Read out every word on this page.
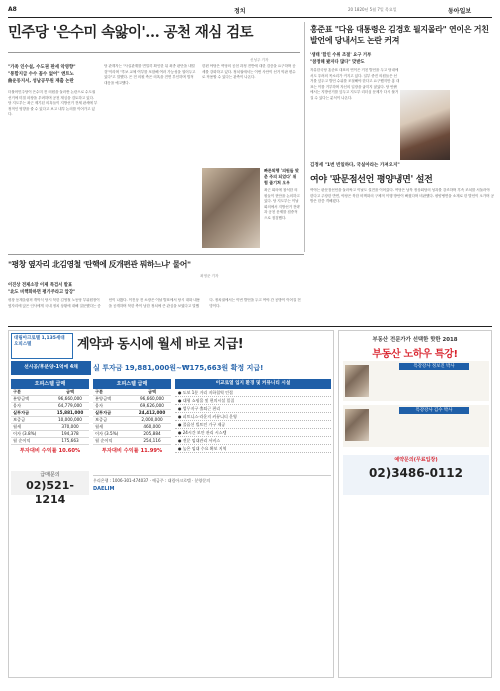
A8	정치	20 1820년 5월 7일 목요일	동아일보
민주당 '은수미 속앓이'… 공천 재심 검토
신성주 기자
"가족 인수설, 수도권 판세 악영향"
"통합지급 수수 꼼수 없어" 엔트노
曲운동지서, 성남공무원 재출 논란
더불어민주당이 은수미 전 의원을 둘러싼 논란으로 수도권 선거에 미칠 파장을 우려하며 공천 재심을 검토하고 있다. 당 지도부는 최근 제기된 의혹들이 지방선거 전체 판세에 부정적인 영향을 줄 수 있다고 보고 내부 논의를 이어가고 있다.
당 관계자는 "사실관계를 면밀히 확인한 뒤 최종 판단을 내릴 것"이라며 "후보 교체 여부를 포함해 여러 가능성을 열어두고 있다"고 말했다. 은 전 의원 측은 의혹을 전면 부인하며 법적 대응을 예고했다.
한편 야당은 여당의 공천 과정 전반에 대한 검증을 요구하며 공세를 강화하고 있다. 정치권에서는 이번 사안이 선거 막판 변수로 작용할 수 있다는 관측이 나온다.
빠른퇴행 '의원들 맞춘 주의 되었다' 위험 줄기쳐 오우
최근 회의에 참석한 의원들이 현안을 논의하고 있다. 당 지도부는 이날 회의에서 지방선거 전략과 공천 문제를 집중적으로 점검했다.
홍준표 "다음 대통령은 김경호 될지몰라" 연이은 거친 발언에 당내서도 논란 커져
'생태 '합인 수위 조절' 요구 거부
"참정해 봤자다 많다" 맞받도
자유한국당 홍준표 대표의 연이은 거친 발언을 두고 당내에서도 우려의 목소리가 커지고 있다. 일부 중진 의원들은 선거를 앞두고 발언 수위를 조절해야 한다고 요구했지만 홍 대표는 이를 거부하며 자신의 입장을 굽히지 않았다. 당 안팎에서는 지방선거를 앞두고 지도부 리더십 문제가 다시 불거질 수 있다는 분석이 나온다.
김정세 "1번 빈일하다, 국실아라는 가져오지"
여야 '판문점선언 평양냉면' 설전
여야는 판문점선언을 둘러싸고 이날도 설전을 이어갔다. 여당은 남북 정상회담의 성과를 강조하며 후속 조치를 서둘러야 한다고 주장한 반면, 야당은 북한 비핵화의 구체적 이행 방안이 빠졌다며 비판했다. 평양냉면을 소재로 한 발언이 오가며 공방은 한층 격해졌다.
"평창 옆자리 北김영철 '탄핵에 反개편관 뭐하느냐' 물어"
최영준 기자
이진상 전제소장 이제 특검서 발표
"北도 비핵화하면 평가주라고 압강"
평창 동계올림픽 개막식 당시 북한 김영철 노동당 부위원장이 옆자리에 앉은 인사에게 국내 정치 상황에 대해 질문했다는 증언이 나왔다. 이진상 전 소장은 이날 발표에서 당시 대화 내용을 공개하며 북한 측이 남한 정치에 큰 관심을 보였다고 말했다. 정치권에서는 이번 발언을 두고 여야 간 공방이 이어질 전망이다.
대림아크로텔 1,135세대 오피스텔	계약과 동시에 월세 바로 지급!
선시공/후분양-1억에 4채	실 투자금 19,881,000원~₩175,663원 확정 지급!
오피스텔 급매
구분	금액
분양금액	96,660,000
융자	64,779,000
실투자금	15,881,000
보증금	10,000,000
월세	370,000
이자 (3.8%)	194,378
월 순이익	175,663
투자대비 수익률 10.60%
오피스텔 급매
구분	금액
분양금액	96,660,000
융자	69,626,000
실투자금	24,412,000
보증금	2,000,000
월세	460,000
이자 (3.5%)	205,884
월 순이익	254,116
투자대비 수익률 11.99%
이교로열 입지 환경 및 커뮤니티 시설
● 도보 1분 거리 지하철역 인접
● 대형 쇼핑몰 및 편의시설 밀집
● 업무지구 출퇴근 편리
● 피트니스·라운지 커뮤니티 운영
● 풀옵션 빌트인 가구 제공
● 24시간 보안 관리 시스템
● 전문 임대관리 서비스
● 높은 임대 수요 확보 지역
급매문의
02)521-1214
우리은행 : 1006-301-474037 · 예금주 : 대림아크로텔 · 분양문의
DAELIM
부동산 전문가가 선택한 핫한 2018
부동산 노하우 특강!
특강강사 정보진 박사
특강강사 김수 박사
예약문의(무료입장)
02)3486-0112
